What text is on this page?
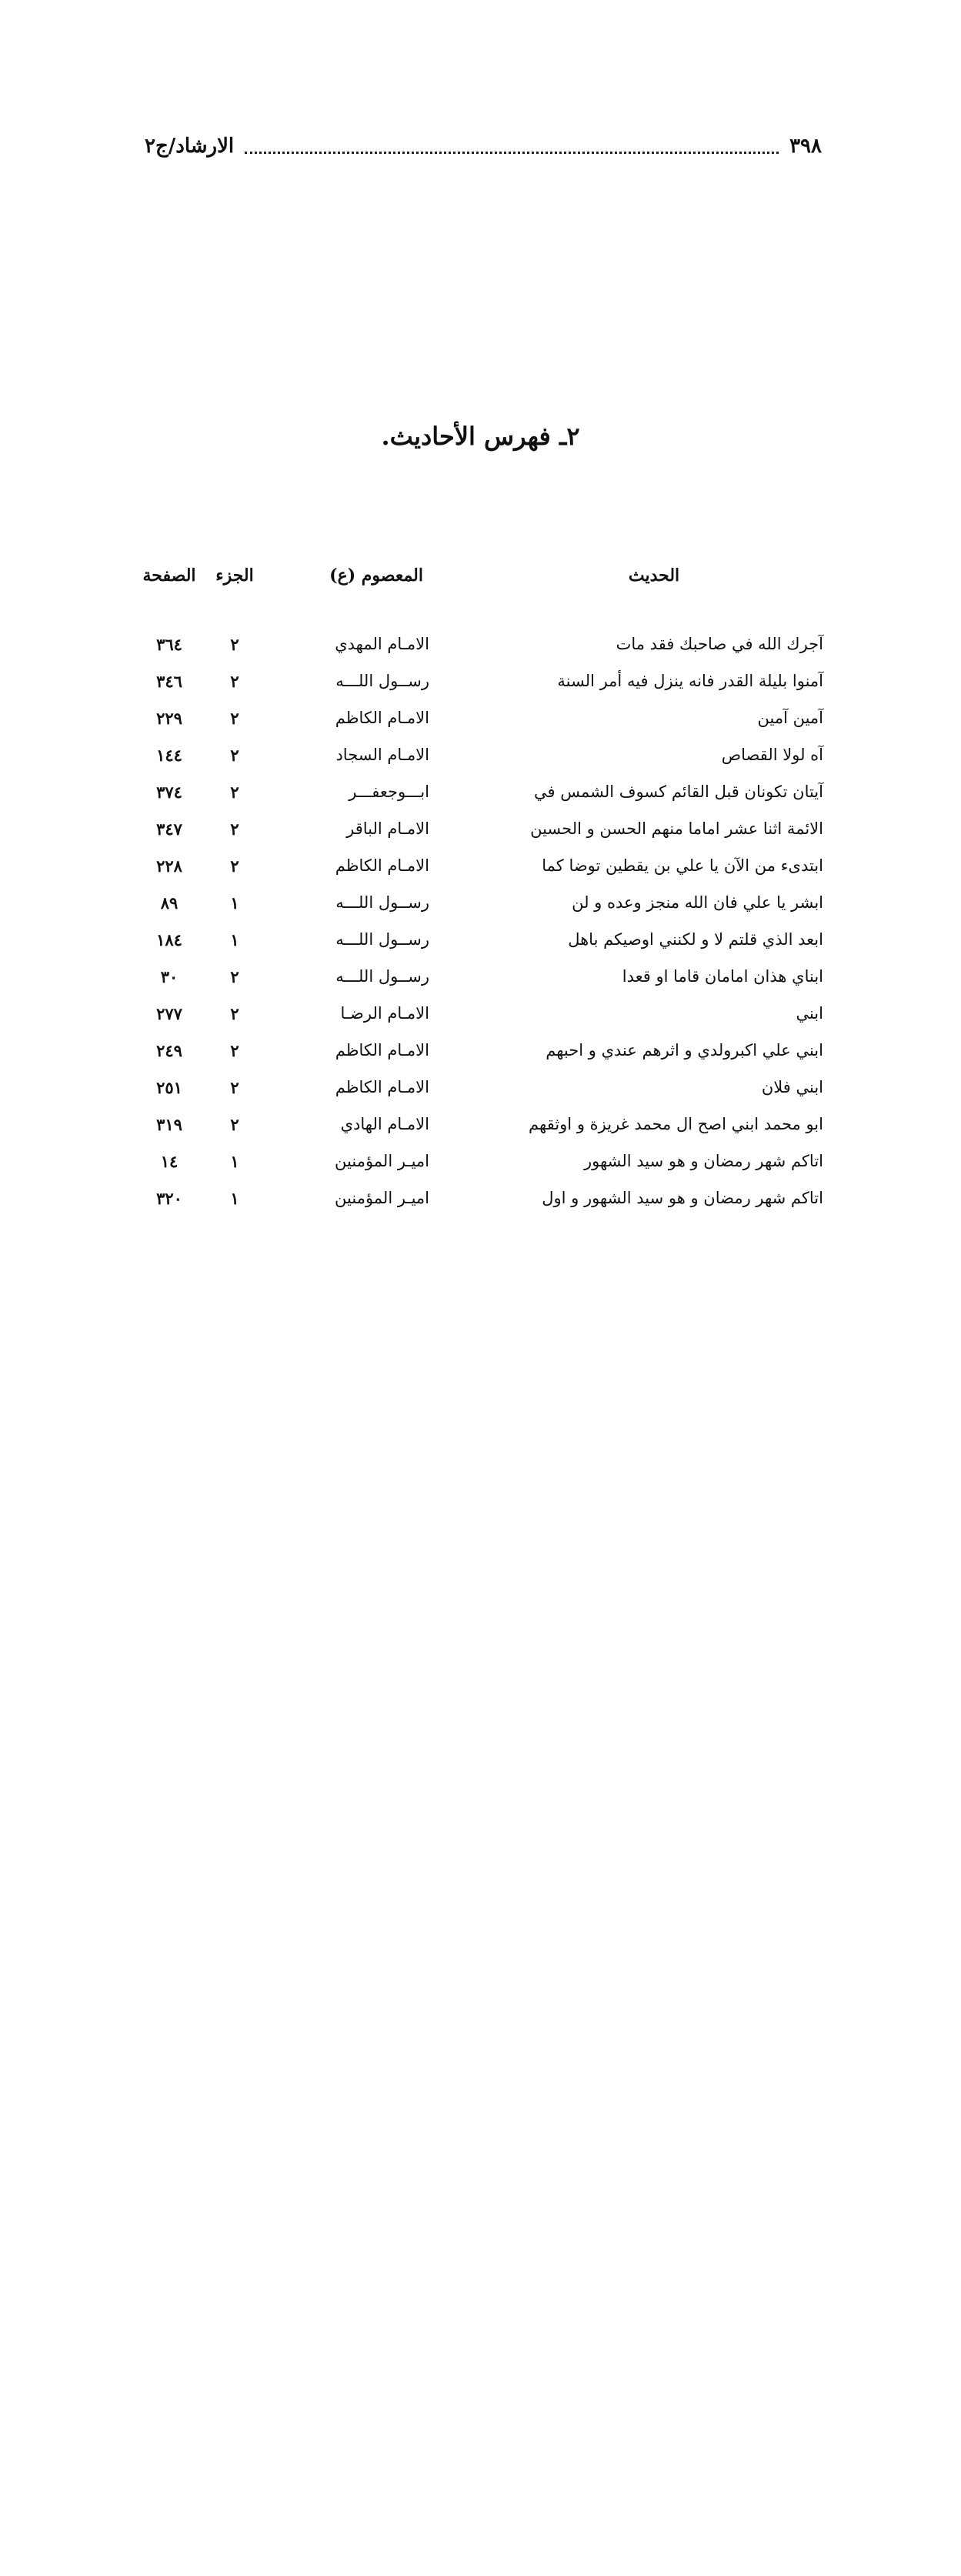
٣٩٨
الارشاد/ج٢
٢ـ فهرس الأحاديث.
الحديث
المعصوم (ع)
الجزء
الصفحة
آجرك الله في صاحبك فقد مات
الامـام المهدي
٢
٣٦٤
آمنوا بليلة القدر فانه ينزل فيه أمر السنة
رســول اللـــه
٢
٣٤٦
آمين آمين
الامـام الكاظم
٢
٢٢٩
آه لولا القصاص
الامـام السجاد
٢
١٤٤
آيتان تكونان قبل القائم كسوف الشمس في
ابـــوجعفـــر
٢
٣٧٤
الائمة اثنا عشر اماما منهم الحسن و الحسين
الامـام الباقر
٢
٣٤٧
ابتدىء من الآن يا علي بن يقطين توضا كما
الامـام الكاظم
٢
٢٢٨
ابشر يا علي فان الله منجز وعده و لن
رســول اللـــه
١
٨٩
ابعد الذي قلتم لا و لكنني اوصيكم باهل
رســول اللـــه
١
١٨٤
ابناي هذان امامان قاما او قعدا
رســول اللـــه
٢
٣٠
ابني
الامـام الرضـا
٢
٢٧٧
ابني علي اكبرولدي و اثرهم عندي و احبهم
الامـام الكاظم
٢
٢٤٩
ابني فلان
الامـام الكاظم
٢
٢٥١
ابو محمد ابني اصح ال محمد غريزة و اوثقهم
الامـام الهادي
٢
٣١٩
اتاكم شهر رمضان و هو سيد الشهور
اميـر المؤمنين
١
١٤
اتاكم شهر رمضان و هو سيد الشهور و اول
اميـر المؤمنين
١
٣٢٠
